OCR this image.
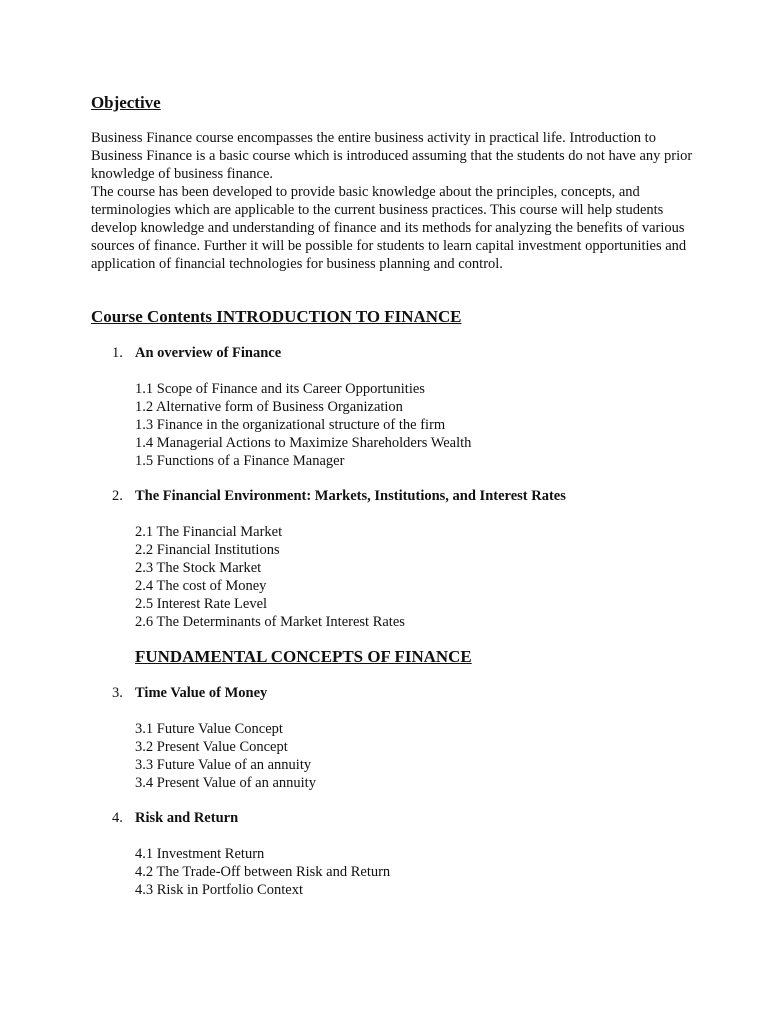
Objective

Business Finance course encompasses the entire business activity in practical life. Introduction to Business Finance is a basic course which is introduced assuming that the students do not have any prior knowledge of business finance.

The course has been developed to provide basic knowledge about the principles, concepts, and terminologies which are applicable to the current business practices. This course will help students develop knowledge and understanding of finance and its methods for analyzing the benefits of various sources of finance. Further it will be possible for students to learn capital investment opportunities and application of financial technologies for business planning and control.

Course Contents INTRODUCTION TO FINANCE
1. An overview of Finance
1.1 Scope of Finance and its Career Opportunities
1.2 Alternative form of Business Organization
1.3 Finance in the organizational structure of the firm
1.4 Managerial Actions to Maximize Shareholders Wealth
1.5 Functions of a Finance Manager
2. The Financial Environment: Markets, Institutions, and Interest Rates
2.1 The Financial Market
2.2 Financial Institutions
2.3 The Stock Market
2.4 The cost of Money
2.5 Interest Rate Level
2.6 The Determinants of Market Interest Rates
FUNDAMENTAL CONCEPTS OF FINANCE
3. Time Value of Money
3.1 Future Value Concept
3.2 Present Value Concept
3.3 Future Value of an annuity
3.4 Present Value of an annuity
4. Risk and Return
4.1 Investment Return
4.2 The Trade-Off between Risk and Return
4.3 Risk in Portfolio Context
